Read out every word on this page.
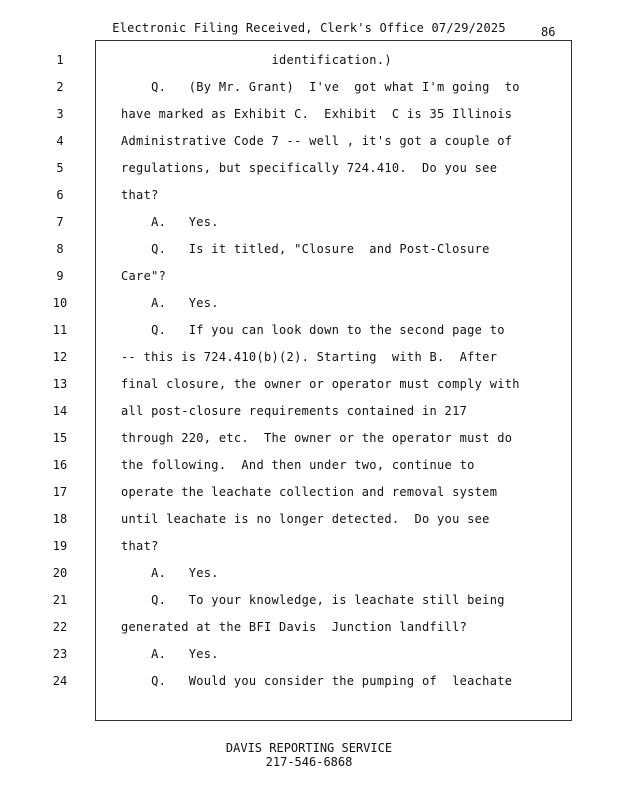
Electronic Filing Received, Clerk's Office 07/29/2025	86
1	identification.)
2	Q.   (By Mr. Grant)  I've  got what I'm going  to
3	have marked as Exhibit C.  Exhibit  C is 35 Illinois
4	Administrative Code 7 -- well , it's got a couple of
5	regulations, but specifically 724.410.  Do you see
6	that?
7	A.   Yes.
8	Q.   Is it titled, "Closure  and Post-Closure
9	Care"?
10	A.   Yes.
11	Q.   If you can look down to the second page to
12	-- this is 724.410(b)(2). Starting  with B.  After
13	final closure, the owner or operator must comply with
14	all post-closure requirements contained in 217
15	through 220, etc.  The owner or the operator must do
16	the following.  And then under two, continue to
17	operate the leachate collection and removal system
18	until leachate is no longer detected.  Do you see
19	that?
20	A.   Yes.
21	Q.   To your knowledge, is leachate still being
22	generated at the BFI Davis  Junction landfill?
23	A.   Yes.
24	Q.   Would you consider the pumping of  leachate
DAVIS REPORTING SERVICE
217-546-6868
